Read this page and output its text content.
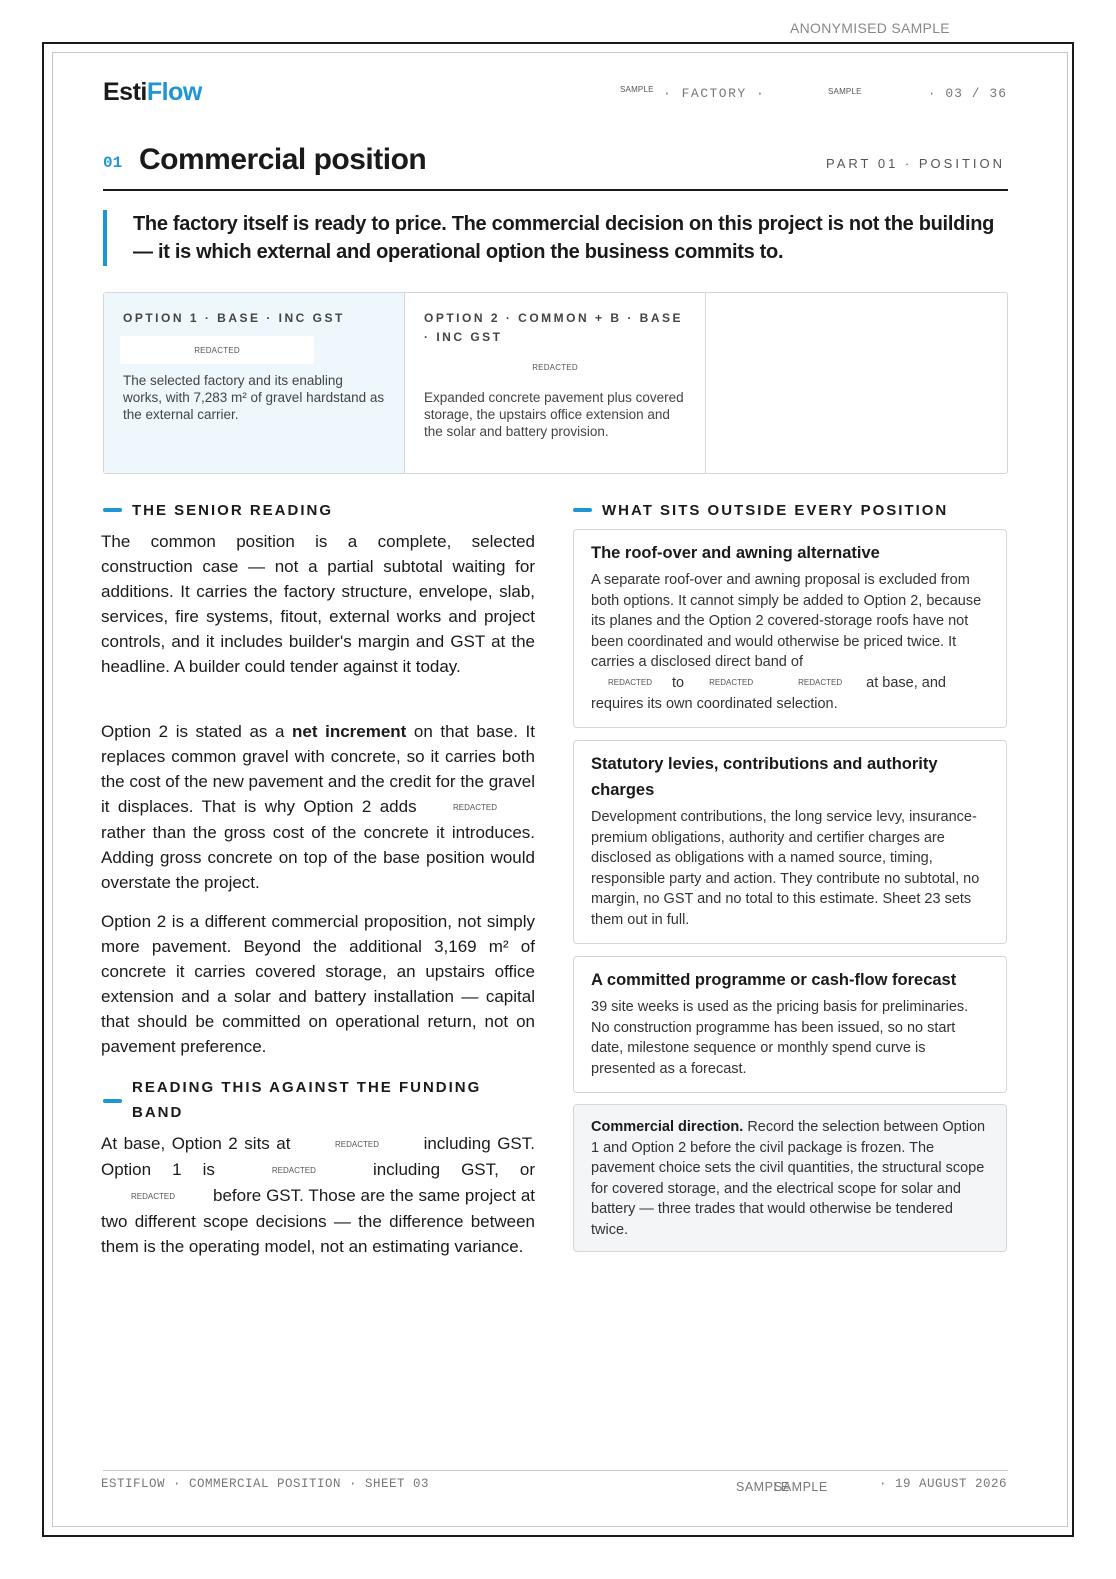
ANONYMISED SAMPLE
EstiFlow	SAMPLE · FACTORY ·	SAMPLE	· 03 / 36
01 Commercial position	PART 01 · POSITION
The factory itself is ready to price. The commercial decision on this project is not the building — it is which external and operational option the business commits to.
OPTION 1 · BASE · INC GST
REDACTED
The selected factory and its enabling works, with 7,283 m² of gravel hardstand as the external carrier.
OPTION 2 · COMMON + B · BASE · INC GST
REDACTED
Expanded concrete pavement plus covered storage, the upstairs office extension and the solar and battery provision.
THE SENIOR READING

The common position is a complete, selected construction case — not a partial subtotal waiting for additions. It carries the factory structure, envelope, slab, services, fire systems, fitout, external works and project controls, and it includes builder's margin and GST at the headline. A builder could tender against it today.

Option 2 is stated as a net increment on that base. It replaces common gravel with concrete, so it carries both the cost of the new pavement and the credit for the gravel it displaces. That is why Option 2 adds	REDACTEDrather than the gross cost of the concrete it introduces. Adding gross concrete on top of the base position would overstate the project.

Option 2 is a different commercial proposition, not simply more pavement. Beyond the additional 3,169 m² of concrete it carries covered storage, an upstairs office extension and a solar and battery installation — capital that should be committed on operational return, not on pavement preference.

READING THIS AGAINST THE FUNDING BAND

At base, Option 2 sits at	REDACTED	including GST. Option 1 is	REDACTED	including GST, or REDACTED before GST. Those are the same project at two different scope decisions — the difference between them is the operating model, not an estimating variance.

WHAT SITS OUTSIDE EVERY POSITION
The roof-over and awning alternative
A separate roof-over and awning proposal is excluded from both options. It cannot simply be added to Option 2, because its planes and the Option 2 covered-storage roofs have not been coordinated and would otherwise be priced twice. It carries a disclosed direct band of
REDACTED to	REDACTED	REDACTED at base, and requires its own coordinated selection.
Statutory levies, contributions and authority charges
Development contributions, the long service levy, insurance-premium obligations, authority and certifier charges are disclosed as obligations with a named source, timing, responsible party and action. They contribute no subtotal, no margin, no GST and no total to this estimate. Sheet 23 sets them out in full.
A committed programme or cash-flow forecast
39 site weeks is used as the pricing basis for preliminaries. No construction programme has been issued, so no start date, milestone sequence or monthly spend curve is presented as a forecast.
Commercial direction. Record the selection between Option 1 and Option 2 before the civil package is frozen. The pavement choice sets the civil quantities, the structural scope for covered storage, and the electrical scope for solar and battery — three trades that would otherwise be tendered twice.
ESTIFLOW · COMMERCIAL POSITION · SHEET 03	SAMPLE
SAMPLE	· 19 AUGUST 2026
